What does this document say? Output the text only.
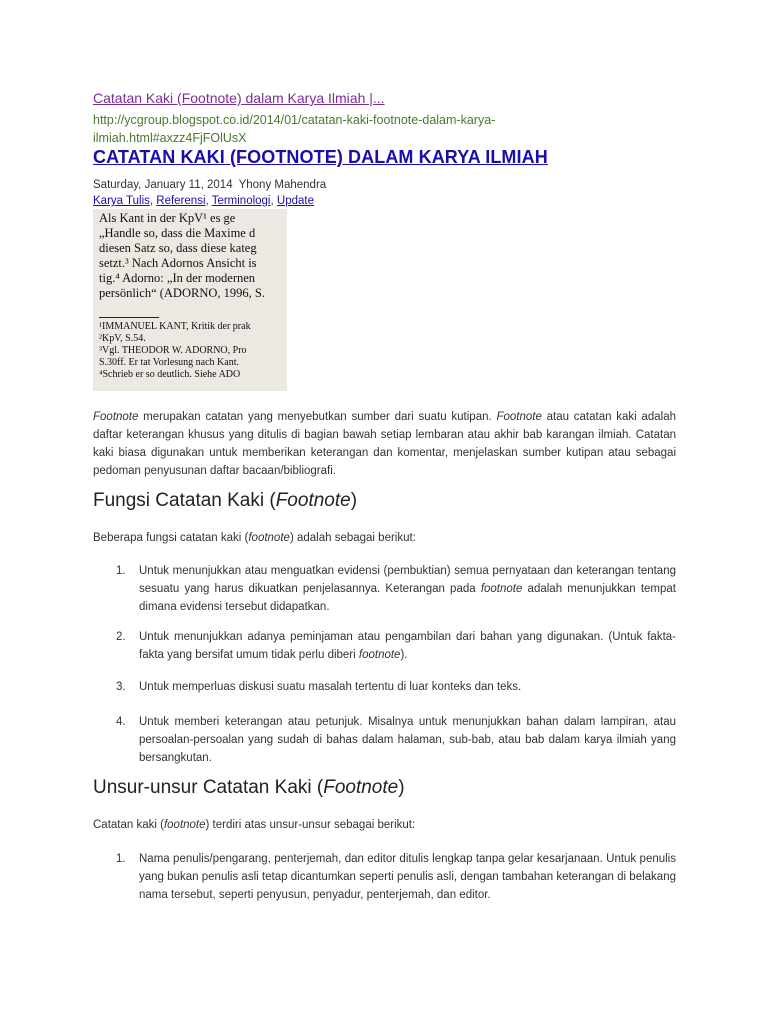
Catatan Kaki (Footnote) dalam Karya Ilmiah |...
http://ycgroup.blogspot.co.id/2014/01/catatan-kaki-footnote-dalam-karya-ilmiah.html#axzz4FjFOlUsX
CATATAN KAKI (FOOTNOTE) DALAM KARYA ILMIAH
Saturday, January 11, 2014 Yhony Mahendra
Karya Tulis, Referensi, Terminologi, Update
Als Kant in der KpV¹ es ge
„Handle so, dass die Maxime d
diesen Satz so, dass diese kateg
setzt.³ Nach Adornos Ansicht is
tig.⁴ Adorno: „In der modernen
persönlich“ (ADORNO, 1996, S.
¹IMMANUEL KANT, Kritik der prak
²KpV, S.54.
³Vgl. THEODOR W. ADORNO, Pro
S.30ff. Er tat Vorlesung nach Kant.
⁴Schrieb er so deutlich. Siehe ADO
Footnote merupakan catatan yang menyebutkan sumber dari suatu kutipan. Footnote atau catatan kaki adalah daftar keterangan khusus yang ditulis di bagian bawah setiap lembaran atau akhir bab karangan ilmiah. Catatan kaki biasa digunakan untuk memberikan keterangan dan komentar, menjelaskan sumber kutipan atau sebagai pedoman penyusunan daftar bacaan/bibliografi.
Fungsi Catatan Kaki (Footnote)
Beberapa fungsi catatan kaki (footnote) adalah sebagai berikut:
1. Untuk menunjukkan atau menguatkan evidensi (pembuktian) semua pernyataan dan keterangan tentang sesuatu yang harus dikuatkan penjelasannya. Keterangan pada footnote adalah menunjukkan tempat dimana evidensi tersebut didapatkan.
2. Untuk menunjukkan adanya peminjaman atau pengambilan dari bahan yang digunakan. (Untuk fakta-fakta yang bersifat umum tidak perlu diberi footnote).
3. Untuk memperluas diskusi suatu masalah tertentu di luar konteks dan teks.
4. Untuk memberi keterangan atau petunjuk. Misalnya untuk menunjukkan bahan dalam lampiran, atau persoalan-persoalan yang sudah di bahas dalam halaman, sub-bab, atau bab dalam karya ilmiah yang bersangkutan.
Unsur-unsur Catatan Kaki (Footnote)
Catatan kaki (footnote) terdiri atas unsur-unsur sebagai berikut:
1. Nama penulis/pengarang, penterjemah, dan editor ditulis lengkap tanpa gelar kesarjanaan. Untuk penulis yang bukan penulis asli tetap dicantumkan seperti penulis asli, dengan tambahan keterangan di belakang nama tersebut, seperti penyusun, penyadur, penterjemah, dan editor.
